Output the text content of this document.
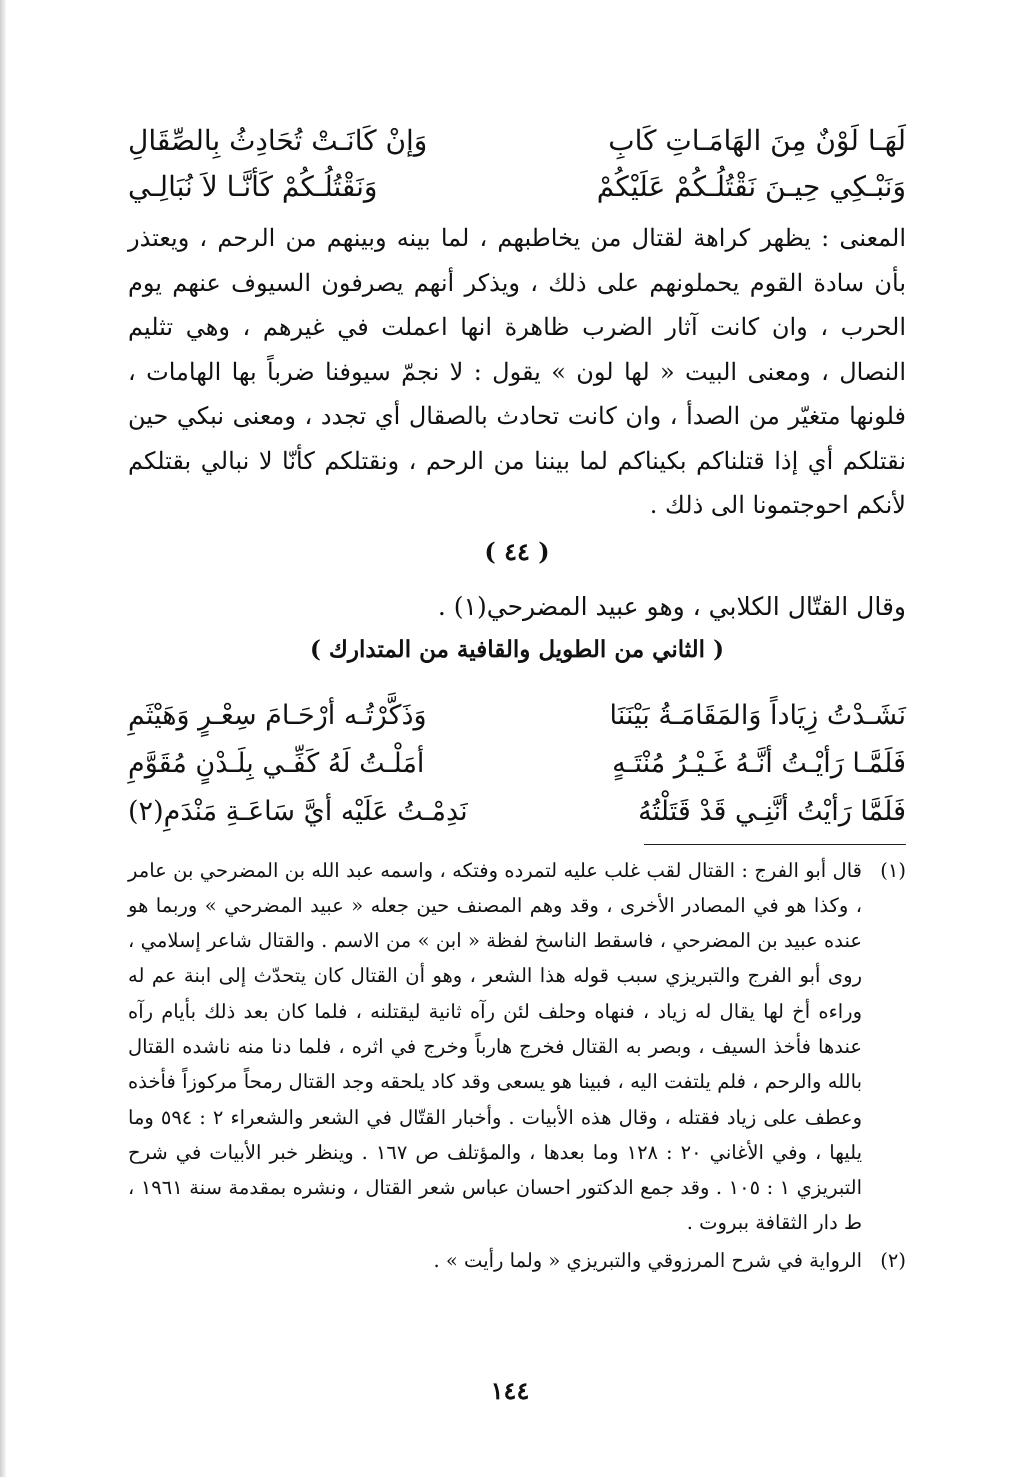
لَهَـا لَوْنٌ مِنَ الهَامَـاتِ كَابِ
وَإنْ كَانَـتْ تُحَادِثُ بِالصِّقَالِ
وَنَبْـكِي حِيـنَ نَقْتُلُـكُمْ عَلَيْكُمْ
وَنَقْتُلُـكُمْ كَأنَّـا لاَ نُبَالِـي

المعنى : يظهر كراهة لقتال من يخاطبهم ، لما بينه وبينهم من الرحم ، ويعتذر بأن سادة القوم يحملونهم على ذلك ، ويذكر أنهم يصرفون السيوف عنهم يوم الحرب ، وان كانت آثار الضرب ظاهرة انها اعملت في غيرهم ، وهي تثليم النصال ، ومعنى البيت « لها لون » يقول : لا نجمّ سيوفنا ضرباً بها الهامات ، فلونها متغيّر من الصدأ ، وان كانت تحادث بالصقال أي تجدد ، ومعنى نبكي حين نقتلكم أي إذا قتلناكم بكيناكم لما بيننا من الرحم ، ونقتلكم كأنّا لا نبالي بقتلكم لأنكم احوجتمونا الى ذلك .

( ٤٤ )

وقال القتّال الكلابي ، وهو عبيد المضرحي(١) .

( الثاني من الطويل والقافية من المتدارك )
نَشَـدْتُ زِيَاداً وَالمَقَامَـةُ بَيْنَنَا
وَذَكَّرْتُـه أرْحَـامَ سِعْـرٍ وَهَيْثَمِ
فَلَمَّـا رَأيْـتُ أنَّـهُ غَـيْـرُ مُنْتَـهٍ
أمَلْـتُ لَهُ كَفِّـي بِلَـدْنٍ مُقَوَّمِ
فَلَمَّا رَأيْتُ أنَّنِـي قَدْ قَتَلْتُهُ
نَدِمْـتُ عَلَيْه أيَّ سَاعَـةِ مَنْدَمِ(٢)
(١)
قال أبو الفرج : القتال لقب غلب عليه لتمرده وفتكه ، واسمه عبد الله بن المضرحي بن عامر ، وكذا هو في المصادر الأخرى ، وقد وهم المصنف حين جعله « عبيد المضرحي » وربما هو عنده عبيد بن المضرحي ، فاسقط الناسخ لفظة « ابن » من الاسم . والقتال شاعر إسلامي ، روى أبو الفرج والتبريزي سبب قوله هذا الشعر ، وهو أن القتال كان يتحدّث إلى ابنة عم له وراءه أخ لها يقال له زياد ، فنهاه وحلف لئن رآه ثانية ليقتلنه ، فلما كان بعد ذلك بأيام رآه عندها فأخذ السيف ، وبصر به القتال فخرج هارباً وخرج في اثره ، فلما دنا منه ناشده القتال بالله والرحم ، فلم يلتفت اليه ، فبينا هو يسعى وقد كاد يلحقه وجد القتال رمحاً مركوزاً فأخذه وعطف على زياد فقتله ، وقال هذه الأبيات . وأخبار القتّال في الشعر والشعراء ٢ : ٥٩٤ وما يليها ، وفي الأغاني ٢٠ : ١٢٨ وما بعدها ، والمؤتلف ص ١٦٧ . وينظر خبر الأبيات في شرح التبريزي ١ : ١٠٥ . وقد جمع الدكتور احسان عباس شعر القتال ، ونشره بمقدمة سنة ١٩٦١ ، ط دار الثقافة ببروت .
(٢)
الرواية في شرح المرزوقي والتبريزي « ولما رأيت » .
١٤٤
